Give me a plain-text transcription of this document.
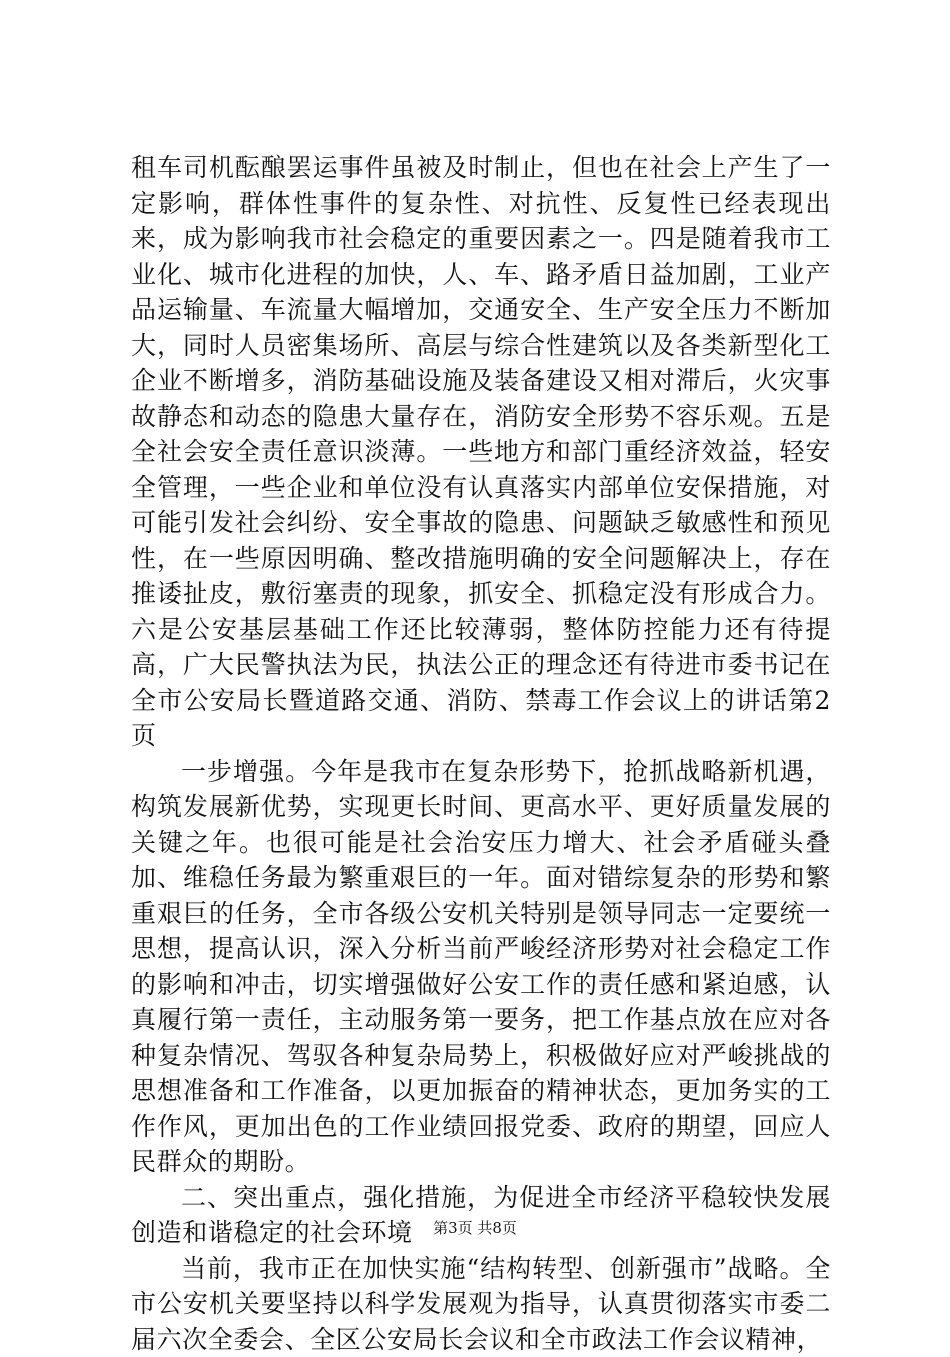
租车司机酝酿罢运事件虽被及时制止，但也在社会上产生了一定影响，群体性事件的复杂性、对抗性、反复性已经表现出来，成为影响我市社会稳定的重要因素之一。四是随着我市工业化、城市化进程的加快，人、车、路矛盾日益加剧，工业产品运输量、车流量大幅增加，交通安全、生产安全压力不断加大，同时人员密集场所、高层与综合性建筑以及各类新型化工企业不断增多，消防基础设施及装备建设又相对滞后，火灾事故静态和动态的隐患大量存在，消防安全形势不容乐观。五是全社会安全责任意识淡薄。一些地方和部门重经济效益，轻安全管理，一些企业和单位没有认真落实内部单位安保措施，对可能引发社会纠纷、安全事故的隐患、问题缺乏敏感性和预见性，在一些原因明确、整改措施明确的安全问题解决上，存在推诿扯皮，敷衍塞责的现象，抓安全、抓稳定没有形成合力。六是公安基层基础工作还比较薄弱，整体防控能力还有待提高，广大民警执法为民，执法公正的理念还有待进市委书记在全市公安局长暨道路交通、消防、禁毒工作会议上的讲话第2页

一步增强。今年是我市在复杂形势下，抢抓战略新机遇，构筑发展新优势，实现更长时间、更高水平、更好质量发展的关键之年。也很可能是社会治安压力增大、社会矛盾碰头叠加、维稳任务最为繁重艰巨的一年。面对错综复杂的形势和繁重艰巨的任务，全市各级公安机关特别是领导同志一定要统一思想，提高认识，深入分析当前严峻经济形势对社会稳定工作的影响和冲击，切实增强做好公安工作的责任感和紧迫感，认真履行第一责任，主动服务第一要务，把工作基点放在应对各种复杂情况、驾驭各种复杂局势上，积极做好应对严峻挑战的思想准备和工作准备，以更加振奋的精神状态，更加务实的工作作风，更加出色的工作业绩回报党委、政府的期望，回应人民群众的期盼。

二、突出重点，强化措施，为促进全市经济平稳较快发展创造和谐稳定的社会环境

当前，我市正在加快实施“结构转型、创新强市”战略。全市公安机关要坚持以科学发展观为指导，认真贯彻落实市委二届六次全委会、全区公安局长会议和全市政法工作会议精神，

第3页 共8页
